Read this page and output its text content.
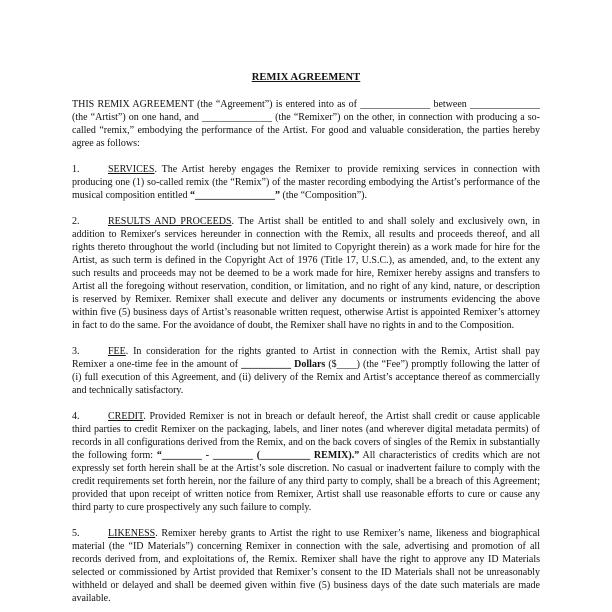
REMIX AGREEMENT

THIS REMIX AGREEMENT (the “Agreement”) is entered into as of ______________ between ______________ (the “Artist”) on one hand, and ______________ (the “Remixer”) on the other, in connection with producing a so-called “remix,” embodying the performance of the Artist. For good and valuable consideration, the parties hereby agree as follows:

1.	SERVICES. The Artist hereby engages the Remixer to provide remixing services in connection with producing one (1) so-called remix (the “Remix”) of the master recording embodying the Artist’s performance of the musical composition entitled “________________” (the “Composition”).

2.	RESULTS AND PROCEEDS. The Artist shall be entitled to and shall solely and exclusively own, in addition to Remixer's services hereunder in connection with the Remix, all results and proceeds thereof, and all rights thereto throughout the world (including but not limited to Copyright therein) as a work made for hire for the Artist, as such term is defined in the Copyright Act of 1976 (Title 17, U.S.C.), as amended, and, to the extent any such results and proceeds may not be deemed to be a work made for hire, Remixer hereby assigns and transfers to Artist all the foregoing without reservation, condition, or limitation, and no right of any kind, nature, or description is reserved by Remixer. Remixer shall execute and deliver any documents or instruments evidencing the above within five (5) business days of Artist’s reasonable written request, otherwise Artist is appointed Remixer’s attorney in fact to do the same. For the avoidance of doubt, the Remixer shall have no rights in and to the Composition.

3.	FEE. In consideration for the rights granted to Artist in connection with the Remix, Artist shall pay Remixer a one-time fee in the amount of __________ Dollars ($____) (the “Fee”) promptly following the latter of (i) full execution of this Agreement, and (ii) delivery of the Remix and Artist’s acceptance thereof as commercially and technically satisfactory.

4.	CREDIT. Provided Remixer is not in breach or default hereof, the Artist shall credit or cause applicable third parties to credit Remixer on the packaging, labels, and liner notes (and wherever digital metadata permits) of records in all configurations derived from the Remix, and on the back covers of singles of the Remix in substantially the following form: “________ - ________ (__________ REMIX).” All characteristics of credits which are not expressly set forth herein shall be at the Artist’s sole discretion. No casual or inadvertent failure to comply with the credit requirements set forth herein, nor the failure of any third party to comply, shall be a breach of this Agreement; provided that upon receipt of written notice from Remixer, Artist shall use reasonable efforts to cure or cause any third party to cure prospectively any such failure to comply.

5.	LIKENESS. Remixer hereby grants to Artist the right to use Remixer’s name, likeness and biographical material (the “ID Materials”) concerning Remixer in connection with the sale, advertising and promotion of all records derived from, and exploitations of, the Remix. Remixer shall have the right to approve any ID Materials selected or commissioned by Artist provided that Remixer’s consent to the ID Materials shall not be unreasonably withheld or delayed and shall be deemed given within five (5) business days of the date such materials are made available.
